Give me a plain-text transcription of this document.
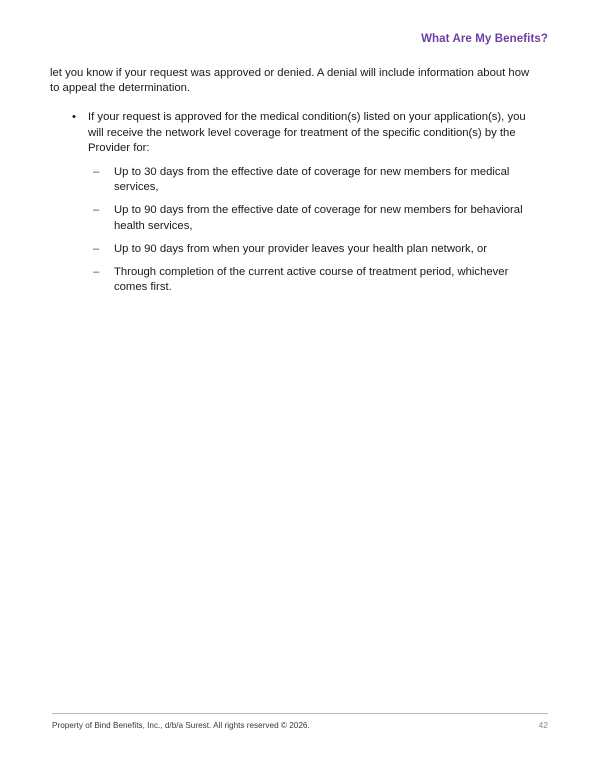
What Are My Benefits?

let you know if your request was approved or denied. A denial will include information about how to appeal the determination.

• If your request is approved for the medical condition(s) listed on your application(s), you will receive the network level coverage for treatment of the specific condition(s) by the Provider for:
– Up to 30 days from the effective date of coverage for new members for medical services,
– Up to 90 days from the effective date of coverage for new members for behavioral health services,
– Up to 90 days from when your provider leaves your health plan network, or
– Through completion of the current active course of treatment period, whichever comes first.
Property of Bind Benefits, Inc., d/b/a Surest. All rights reserved © 2026.	42
